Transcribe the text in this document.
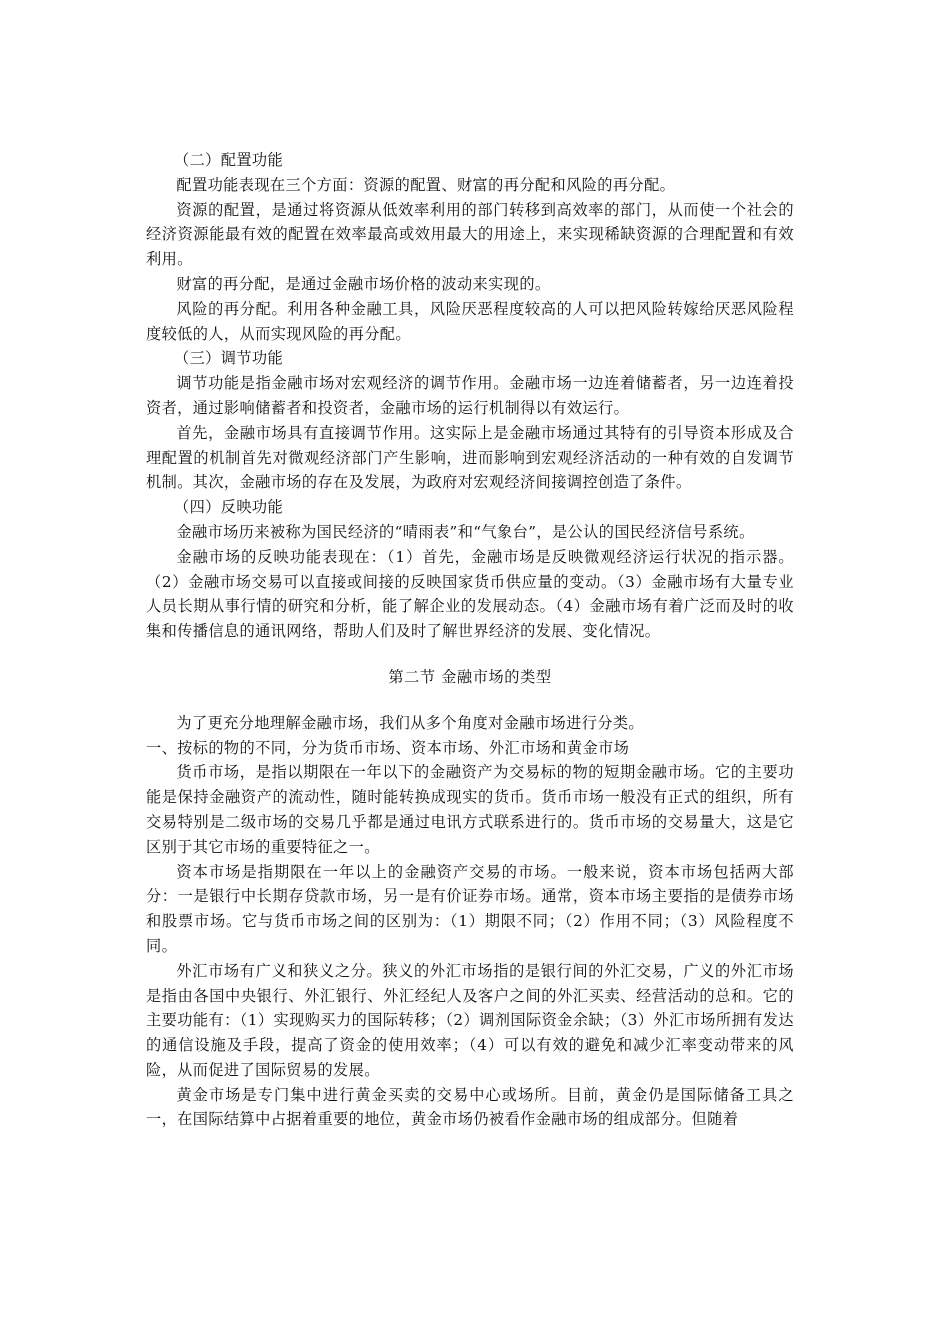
（二）配置功能
配置功能表现在三个方面：资源的配置、财富的再分配和风险的再分配。
资源的配置，是通过将资源从低效率利用的部门转移到高效率的部门，从而使一个社会的经济资源能最有效的配置在效率最高或效用最大的用途上，来实现稀缺资源的合理配置和有效利用。
财富的再分配，是通过金融市场价格的波动来实现的。
风险的再分配。利用各种金融工具，风险厌恶程度较高的人可以把风险转嫁给厌恶风险程度较低的人，从而实现风险的再分配。
（三）调节功能
调节功能是指金融市场对宏观经济的调节作用。金融市场一边连着储蓄者，另一边连着投资者，通过影响储蓄者和投资者，金融市场的运行机制得以有效运行。
首先，金融市场具有直接调节作用。这实际上是金融市场通过其特有的引导资本形成及合理配置的机制首先对微观经济部门产生影响，进而影响到宏观经济活动的一种有效的自发调节机制。其次，金融市场的存在及发展，为政府对宏观经济间接调控创造了条件。
（四）反映功能
金融市场历来被称为国民经济的“晴雨表”和“气象台”，是公认的国民经济信号系统。
金融市场的反映功能表现在：（1）首先，金融市场是反映微观经济运行状况的指示器。（2）金融市场交易可以直接或间接的反映国家货币供应量的变动。（3）金融市场有大量专业人员长期从事行情的研究和分析，能了解企业的发展动态。（4）金融市场有着广泛而及时的收集和传播信息的通讯网络，帮助人们及时了解世界经济的发展、变化情况。
第二节 金融市场的类型
为了更充分地理解金融市场，我们从多个角度对金融市场进行分类。
一、按标的物的不同，分为货币市场、资本市场、外汇市场和黄金市场
货币市场，是指以期限在一年以下的金融资产为交易标的物的短期金融市场。它的主要功能是保持金融资产的流动性，随时能转换成现实的货币。货币市场一般没有正式的组织，所有交易特别是二级市场的交易几乎都是通过电讯方式联系进行的。货币市场的交易量大，这是它区别于其它市场的重要特征之一。
资本市场是指期限在一年以上的金融资产交易的市场。一般来说，资本市场包括两大部分：一是银行中长期存贷款市场，另一是有价证券市场。通常，资本市场主要指的是债券市场和股票市场。它与货币市场之间的区别为：（1）期限不同；（2）作用不同；（3）风险程度不同。
外汇市场有广义和狭义之分。狭义的外汇市场指的是银行间的外汇交易，广义的外汇市场是指由各国中央银行、外汇银行、外汇经纪人及客户之间的外汇买卖、经营活动的总和。它的主要功能有：（1）实现购买力的国际转移；（2）调剂国际资金余缺；（3）外汇市场所拥有发达的通信设施及手段，提高了资金的使用效率；（4）可以有效的避免和减少汇率变动带来的风险，从而促进了国际贸易的发展。
黄金市场是专门集中进行黄金买卖的交易中心或场所。目前，黄金仍是国际储备工具之一，在国际结算中占据着重要的地位，黄金市场仍被看作金融市场的组成部分。但随着
